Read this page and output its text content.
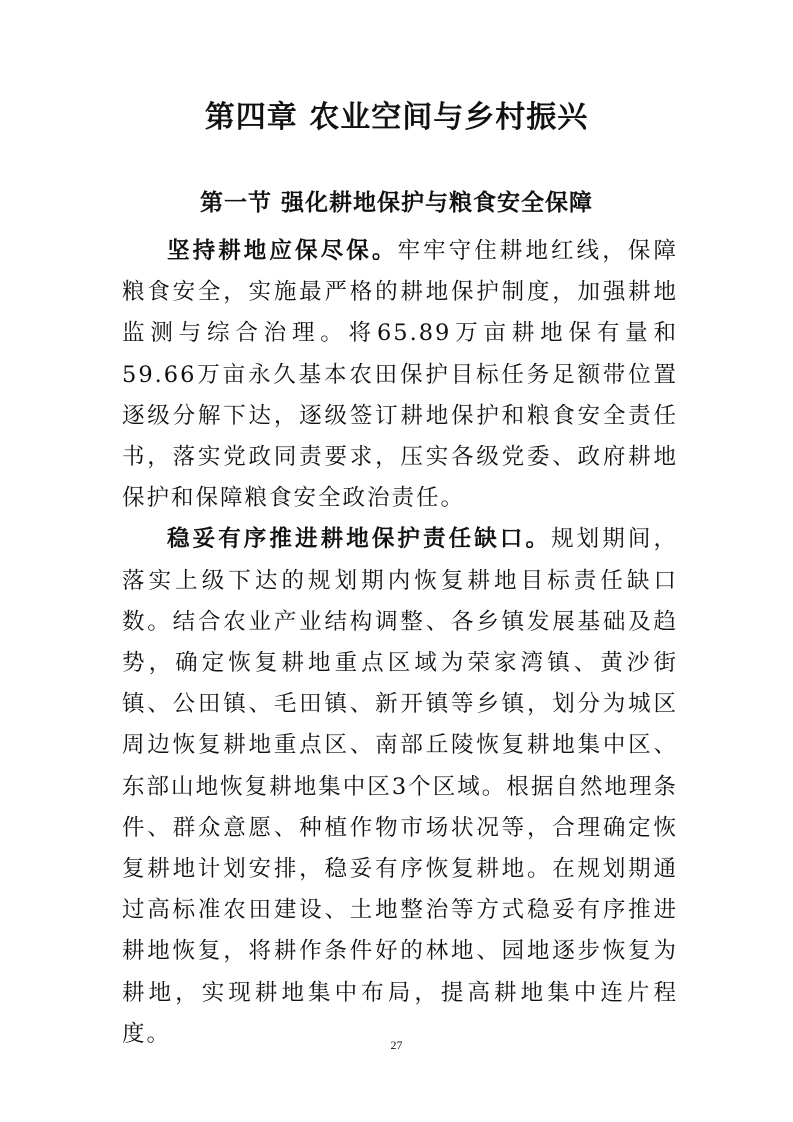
第四章 农业空间与乡村振兴
第一节 强化耕地保护与粮食安全保障

坚持耕地应保尽保。牢牢守住耕地红线，保障粮食安全，实施最严格的耕地保护制度，加强耕地监测与综合治理。将65.89万亩耕地保有量和59.66万亩永久基本农田保护目标任务足额带位置逐级分解下达，逐级签订耕地保护和粮食安全责任书，落实党政同责要求，压实各级党委、政府耕地保护和保障粮食安全政治责任。

稳妥有序推进耕地保护责任缺口。规划期间，落实上级下达的规划期内恢复耕地目标责任缺口数。结合农业产业结构调整、各乡镇发展基础及趋势，确定恢复耕地重点区域为荣家湾镇、黄沙街镇、公田镇、毛田镇、新开镇等乡镇，划分为城区周边恢复耕地重点区、南部丘陵恢复耕地集中区、东部山地恢复耕地集中区3个区域。根据自然地理条件、群众意愿、种植作物市场状况等，合理确定恢复耕地计划安排，稳妥有序恢复耕地。在规划期通过高标准农田建设、土地整治等方式稳妥有序推进耕地恢复，将耕作条件好的林地、园地逐步恢复为耕地，实现耕地集中布局，提高耕地集中连片程度。	27
